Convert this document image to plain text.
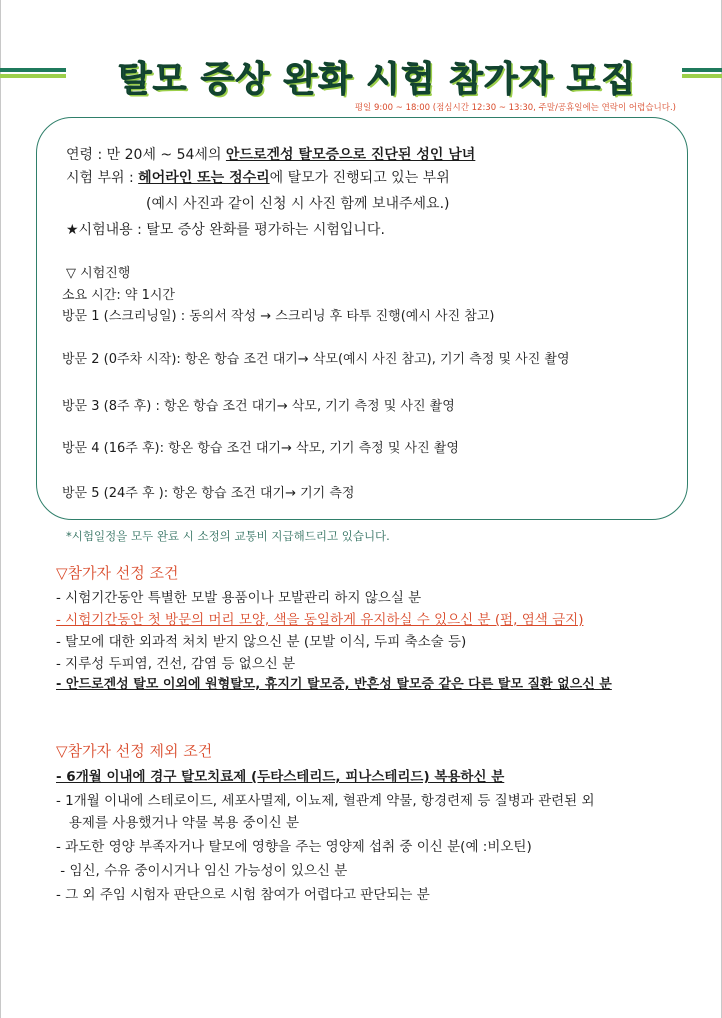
탈모 증상 완화 시험 참가자 모집
평일 9:00 ~ 18:00 (점심시간 12:30 ~ 13:30, 주말/공휴일에는 연락이 어렵습니다.)
연령 : 만 20세 ~ 54세의 안드로겐성 탈모증으로 진단된 성인 남녀
시험 부위 : 헤어라인 또는 정수리에 탈모가 진행되고 있는 부위
(예시 사진과 같이 신청 시 사진 함께 보내주세요.)
★시험내용 : 탈모 증상 완화를 평가하는 시험입니다.
▽ 시험진행
소요 시간: 약 1시간
방문 1 (스크리닝일) : 동의서 작성 → 스크리닝 후 타투 진행(예시 사진 참고)
방문 2 (0주차 시작): 항온 항습 조건 대기→ 삭모(예시 사진 참고), 기기 측정 및 사진 촬영
방문 3 (8주 후) : 항온 항습 조건 대기→ 삭모, 기기 측정 및 사진 촬영
방문 4 (16주 후): 항온 항습 조건 대기→ 삭모, 기기 측정 및 사진 촬영
방문 5 (24주 후 ): 항온 항습 조건 대기→ 기기 측정
*시험일정을 모두 완료 시 소정의 교통비 지급해드리고 있습니다.
▽참가자 선정 조건
- 시험기간동안 특별한 모발 용품이나 모발관리 하지 않으실 분
- 시험기간동안 첫 방문의 머리 모양, 색을 동일하게 유지하실 수 있으신 분 (펌, 염색 금지)
- 탈모에 대한 외과적 처치 받지 않으신 분 (모발 이식, 두피 축소술 등)
- 지루성 두피염, 건선, 감염 등 없으신 분
- 안드로겐성 탈모 이외에 원형탈모, 휴지기 탈모증, 반흔성 탈모증 같은 다른 탈모 질환 없으신 분
▽참가자 선정 제외 조건
- 6개월 이내에 경구 탈모치료제 (두타스테리드, 피나스테리드) 복용하신 분
- 1개월 이내에 스테로이드, 세포사멸제, 이뇨제, 혈관계 약물, 항경련제 등 질병과 관련된 외
용제를 사용했거나 약물 복용 중이신 분
- 과도한 영양 부족자거나 탈모에 영향을 주는 영양제 섭취 중 이신 분(예 :비오틴)
- 임신, 수유 중이시거나 임신 가능성이 있으신 분
- 그 외 주임 시험자 판단으로 시험 참여가 어렵다고 판단되는 분
